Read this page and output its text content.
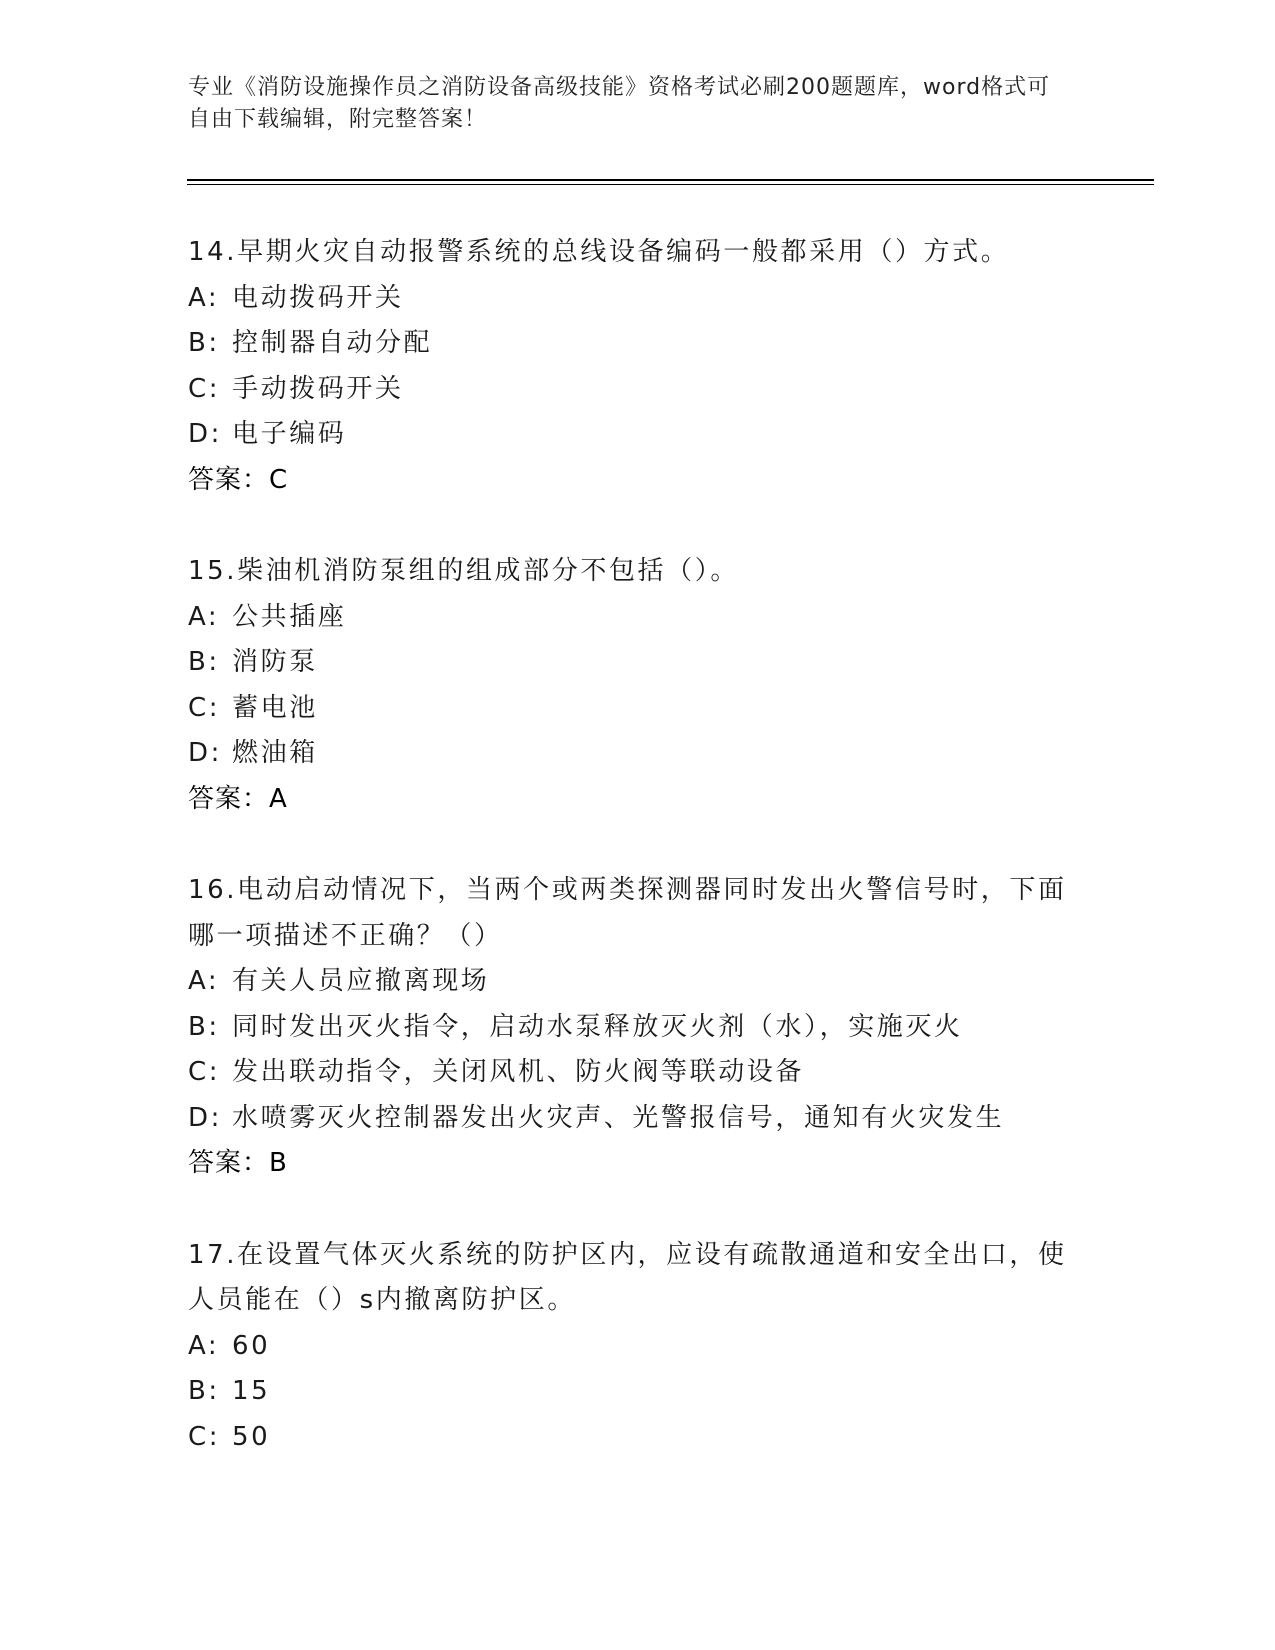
专业《消防设施操作员之消防设备高级技能》资格考试必刷200题题库，word格式可自由下载编辑，附完整答案！
14.早期火灾自动报警系统的总线设备编码一般都采用（）方式。
A: 电动拨码开关
B: 控制器自动分配
C: 手动拨码开关
D: 电子编码
答案：C
15.柴油机消防泵组的组成部分不包括（）。
A: 公共插座
B: 消防泵
C: 蓄电池
D: 燃油箱
答案：A
16.电动启动情况下，当两个或两类探测器同时发出火警信号时，下面哪一项描述不正确？（）
A: 有关人员应撤离现场
B: 同时发出灭火指令，启动水泵释放灭火剂（水），实施灭火
C: 发出联动指令，关闭风机、防火阀等联动设备
D: 水喷雾灭火控制器发出火灾声、光警报信号，通知有火灾发生
答案：B
17.在设置气体灭火系统的防护区内，应设有疏散通道和安全出口，使人员能在（）s内撤离防护区。
A: 60
B: 15
C: 50
